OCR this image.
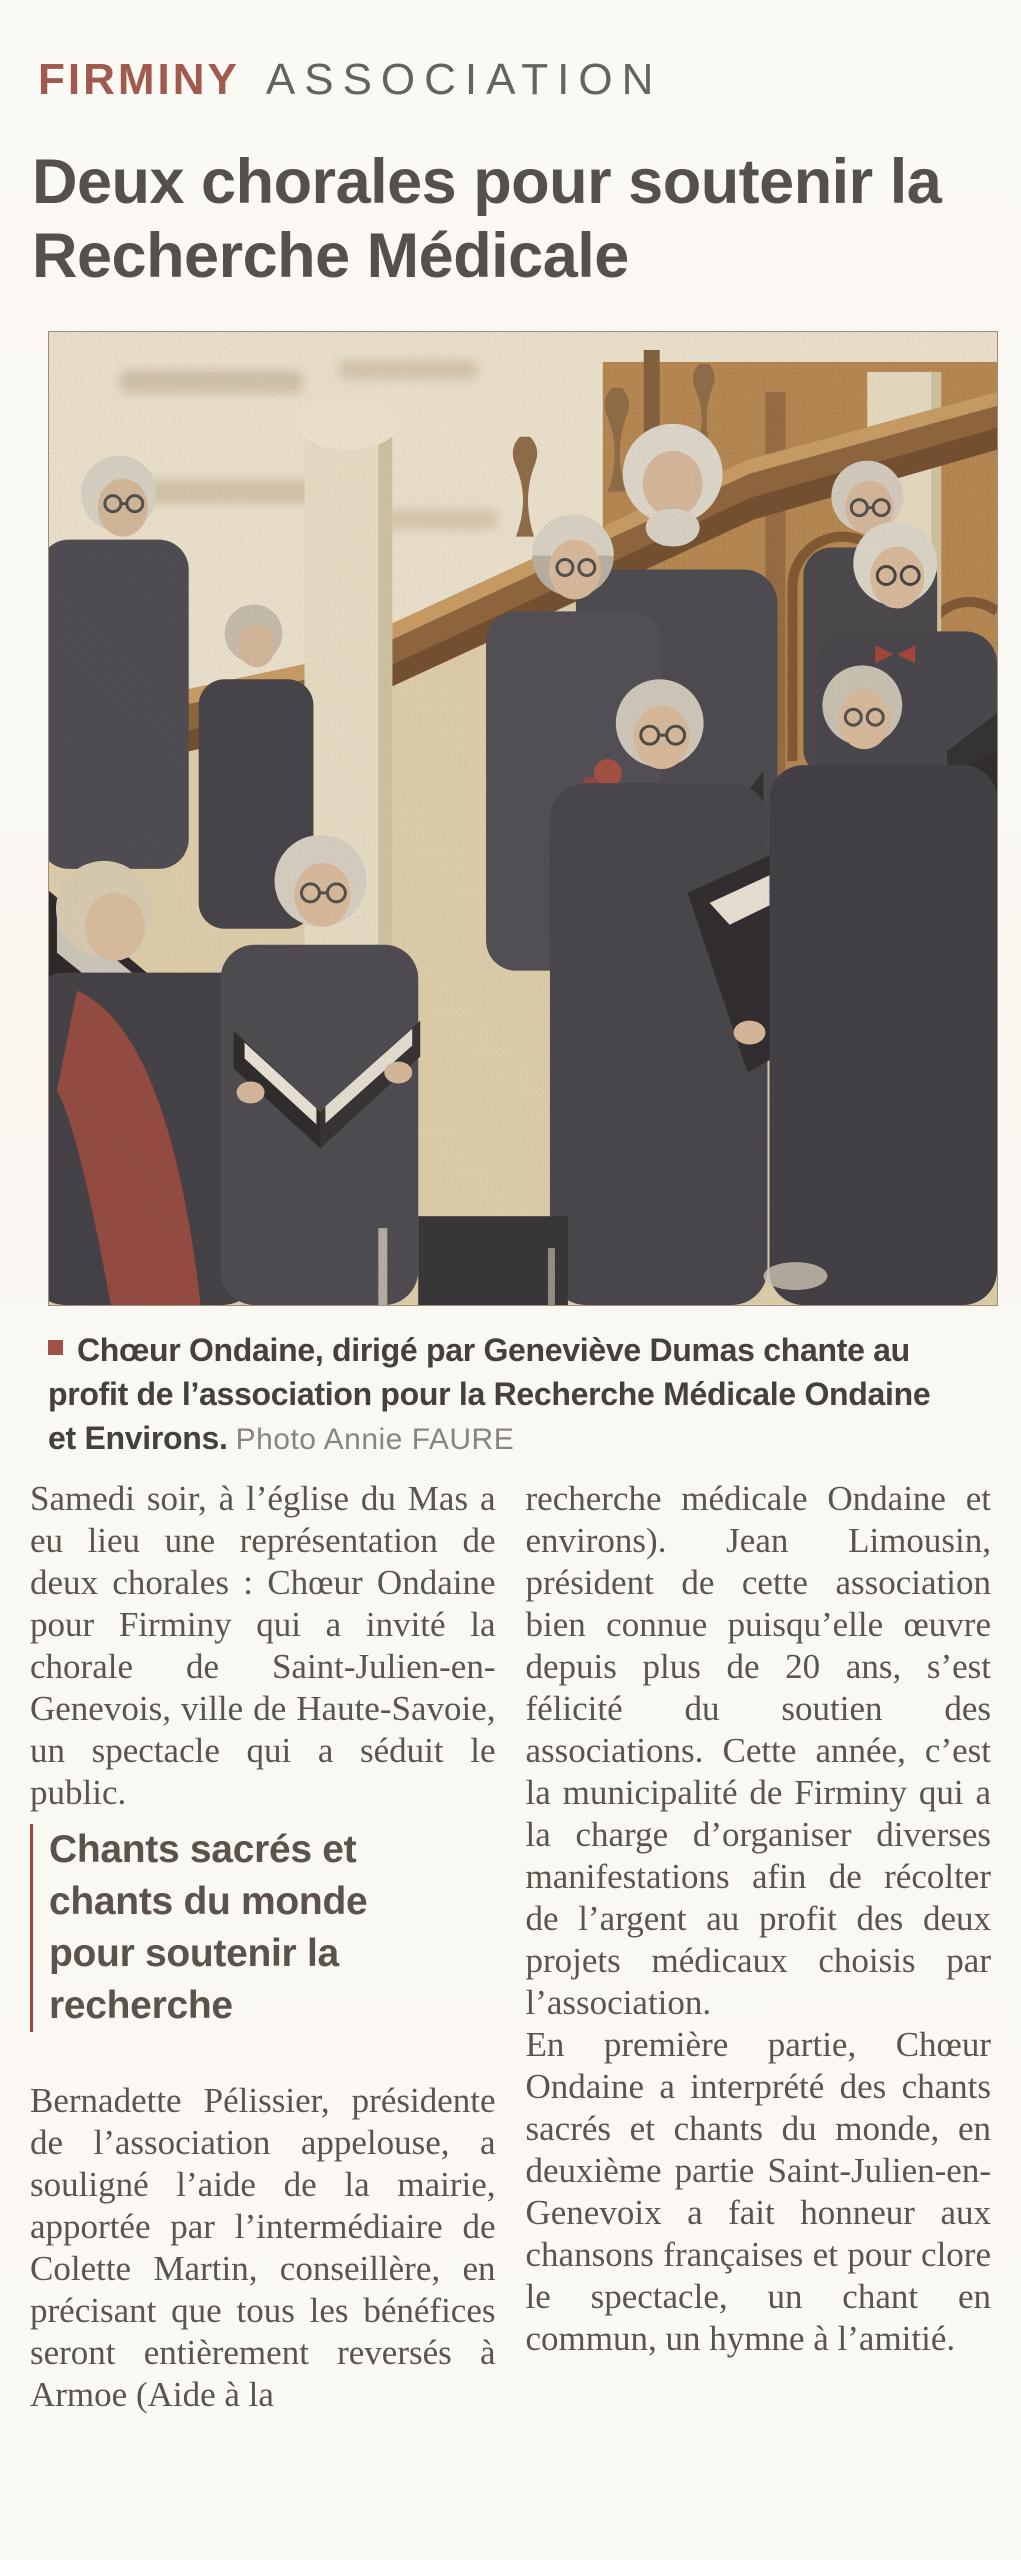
FIRMINY ASSOCIATION
Deux chorales pour soutenir la Recherche Médicale

Chœur Ondaine, dirigé par Geneviève Dumas chante au profit de l’association pour la Recherche Médicale Ondaine et Environs. Photo Annie FAURE

Samedi soir, à l’église du Mas a eu lieu une représentation de deux chorales : Chœur Ondaine pour Firminy qui a invité la chorale de Saint-Julien-en-Genevois, ville de Haute-Savoie, un spectacle qui a séduit le public.

Chants sacrés et chants du monde pour soutenir la recherche

Bernadette Pélissier, présidente de l’association appelouse, a souligné l’aide de la mairie, apportée par l’intermédiaire de Colette Martin, conseillère, en précisant que tous les bénéfices seront entièrement reversés à Armoe (Aide à la

recherche médicale Ondaine et environs). Jean Limousin, président de cette association bien connue puisqu’elle œuvre depuis plus de 20 ans, s’est félicité du soutien des associations. Cette année, c’est la municipalité de Firminy qui a la charge d’organiser diverses manifestations afin de récolter de l’argent au profit des deux projets médicaux choisis par l’association.

En première partie, Chœur Ondaine a interprété des chants sacrés et chants du monde, en deuxième partie Saint-Julien-en-Genevoix a fait honneur aux chansons françaises et pour clore le spectacle, un chant en commun, un hymne à l’amitié.
